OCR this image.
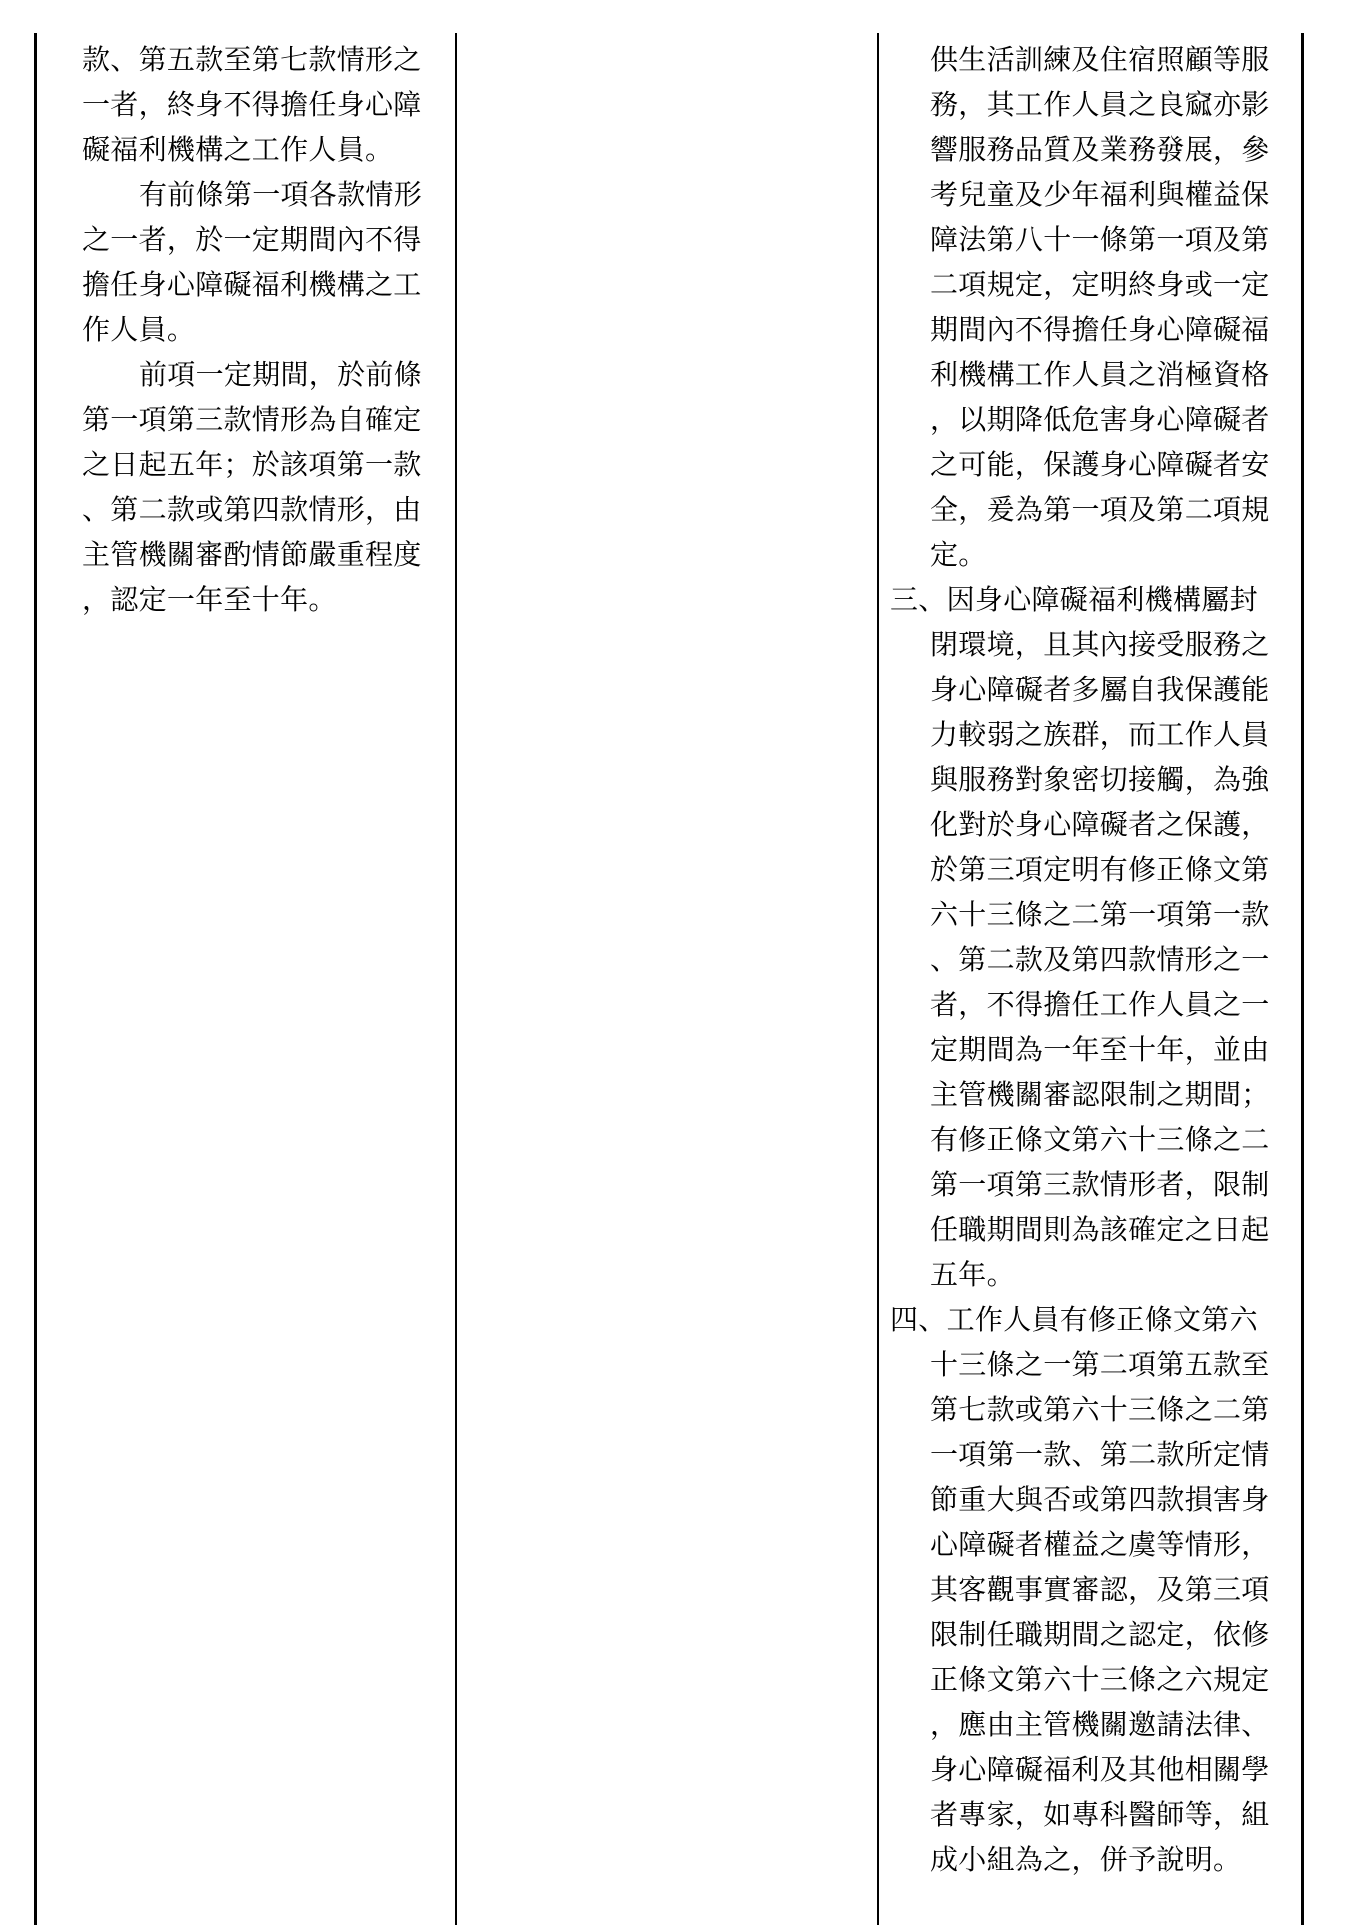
款、第五款至第七款情形之
一者，終身不得擔任身心障
礙福利機構之工作人員。
有前條第一項各款情形
之一者，於一定期間內不得
擔任身心障礙福利機構之工
作人員。
前項一定期間，於前條
第一項第三款情形為自確定
之日起五年；於該項第一款
、第二款或第四款情形，由
主管機關審酌情節嚴重程度
，認定一年至十年。
供生活訓練及住宿照顧等服
務，其工作人員之良窳亦影
響服務品質及業務發展，參
考兒童及少年福利與權益保
障法第八十一條第一項及第
二項規定，定明終身或一定
期間內不得擔任身心障礙福
利機構工作人員之消極資格
，以期降低危害身心障礙者
之可能，保護身心障礙者安
全，爰為第一項及第二項規
定。
三、因身心障礙福利機構屬封
閉環境，且其內接受服務之
身心障礙者多屬自我保護能
力較弱之族群，而工作人員
與服務對象密切接觸，為強
化對於身心障礙者之保護，
於第三項定明有修正條文第
六十三條之二第一項第一款
、第二款及第四款情形之一
者，不得擔任工作人員之一
定期間為一年至十年，並由
主管機關審認限制之期間；
有修正條文第六十三條之二
第一項第三款情形者，限制
任職期間則為該確定之日起
五年。
四、工作人員有修正條文第六
十三條之一第二項第五款至
第七款或第六十三條之二第
一項第一款、第二款所定情
節重大與否或第四款損害身
心障礙者權益之虞等情形，
其客觀事實審認，及第三項
限制任職期間之認定，依修
正條文第六十三條之六規定
，應由主管機關邀請法律、
身心障礙福利及其他相關學
者專家，如專科醫師等，組
成小組為之，併予說明。
